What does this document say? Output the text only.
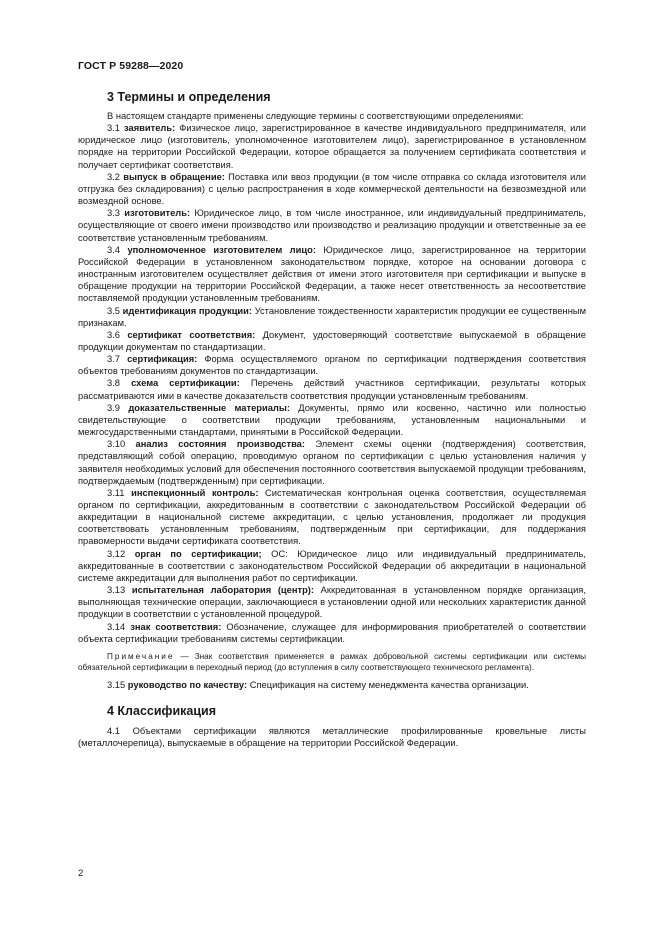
ГОСТ Р 59288—2020
3 Термины и определения

В настоящем стандарте применены следующие термины с соответствующими определениями:

3.1 заявитель: Физическое лицо, зарегистрированное в качестве индивидуального предпринимателя, или юридическое лицо (изготовитель, уполномоченное изготовителем лицо), зарегистрированное в установленном порядке на территории Российской Федерации, которое обращается за получением сертификата соответствия и получает сертификат соответствия.

3.2 выпуск в обращение: Поставка или ввоз продукции (в том числе отправка со склада изготовителя или отгрузка без складирования) с целью распространения в ходе коммерческой деятельности на безвозмездной или возмездной основе.

3.3 изготовитель: Юридическое лицо, в том числе иностранное, или индивидуальный предприниматель, осуществляющие от своего имени производство или производство и реализацию продукции и ответственные за ее соответствие установленным требованиям.

3.4 уполномоченное изготовителем лицо: Юридическое лицо, зарегистрированное на территории Российской Федерации в установленном законодательством порядке, которое на основании договора с иностранным изготовителем осуществляет действия от имени этого изготовителя при сертификации и выпуске в обращение продукции на территории Российской Федерации, а также несет ответственность за несоответствие поставляемой продукции установленным требованиям.

3.5 идентификация продукции: Установление тождественности характеристик продукции ее существенным признакам.

3.6 сертификат соответствия: Документ, удостоверяющий соответствие выпускаемой в обращение продукции документам по стандартизации.

3.7 сертификация: Форма осуществляемого органом по сертификации подтверждения соответствия объектов требованиям документов по стандартизации.

3.8 схема сертификации: Перечень действий участников сертификации, результаты которых рассматриваются ими в качестве доказательств соответствия продукции установленным требованиям.

3.9 доказательственные материалы: Документы, прямо или косвенно, частично или полностью свидетельствующие о соответствии продукции требованиям, установленным национальными и межгосударственными стандартами, принятыми в Российской Федерации.

3.10 анализ состояния производства: Элемент схемы оценки (подтверждения) соответствия, представляющий собой операцию, проводимую органом по сертификации с целью установления наличия у заявителя необходимых условий для обеспечения постоянного соответствия выпускаемой продукции требованиям, подтверждаемым (подтвержденным) при сертификации.

3.11 инспекционный контроль: Систематическая контрольная оценка соответствия, осуществляемая органом по сертификации, аккредитованным в соответствии с законодательством Российской Федерации об аккредитации в национальной системе аккредитации, с целью установления, продолжает ли продукция соответствовать установленным требованиям, подтвержденным при сертификации, для поддержания правомерности выдачи сертификата соответствия.

3.12 орган по сертификации; ОС: Юридическое лицо или индивидуальный предприниматель, аккредитованные в соответствии с законодательством Российской Федерации об аккредитации в национальной системе аккредитации для выполнения работ по сертификации.

3.13 испытательная лаборатория (центр): Аккредитованная в установленном порядке организация, выполняющая технические операции, заключающиеся в установлении одной или нескольких характеристик данной продукции в соответствии с установленной процедурой.

3.14 знак соответствия: Обозначение, служащее для информирования приобретателей о соответствии объекта сертификации требованиям системы сертификации.

Примечание — Знак соответствия применяется в рамках добровольной системы сертификации или системы обязательной сертификации в переходный период (до вступления в силу соответствующего технического регламента).

3.15 руководство по качеству: Спецификация на систему менеджмента качества организации.

4 Классификация

4.1 Объектами сертификации являются металлические профилированные кровельные листы (металлочерепица), выпускаемые в обращение на территории Российской Федерации.

2
